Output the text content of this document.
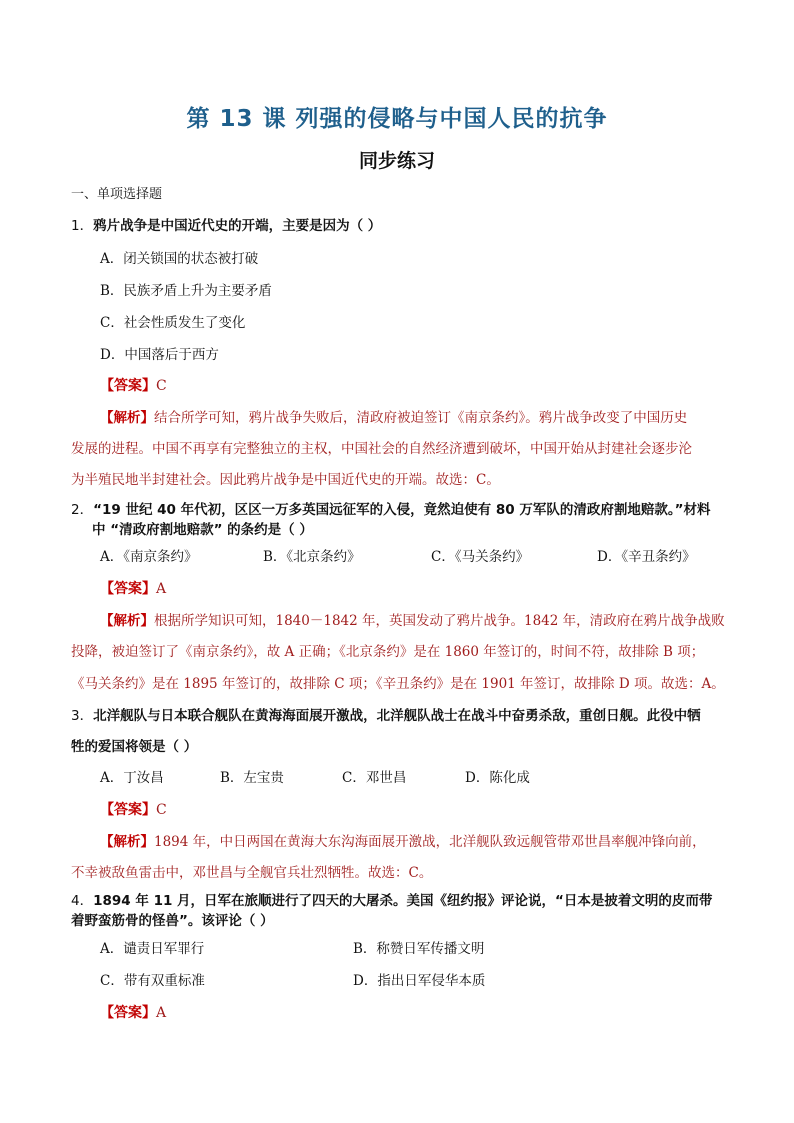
第 13 课 列强的侵略与中国人民的抗争
同步练习
一、单项选择题
1．鸦片战争是中国近代史的开端，主要是因为（ ）
A．闭关锁国的状态被打破
B．民族矛盾上升为主要矛盾
C．社会性质发生了变化
D．中国落后于西方
【答案】C
【解析】结合所学可知，鸦片战争失败后，清政府被迫签订《南京条约》。鸦片战争改变了中国历史
发展的进程。中国不再享有完整独立的主权，中国社会的自然经济遭到破坏，中国开始从封建社会逐步沦
为半殖民地半封建社会。因此鸦片战争是中国近代史的开端。故选：C。
2．“19 世纪 40 年代初，区区一万多英国远征军的入侵，竟然迫使有 80 万军队的清政府割地赔款。”材料
中 “清政府割地赔款” 的条约是（ ）
A．《南京条约》	B．《北京条约》	C．《马关条约》	D．《辛丑条约》
【答案】A
【解析】根据所学知识可知，1840－1842 年，英国发动了鸦片战争。1842 年，清政府在鸦片战争战败
投降，被迫签订了《南京条约》，故 A 正确；《北京条约》是在 1860 年签订的，时间不符，故排除 B 项；
《马关条约》是在 1895 年签订的，故排除 C 项；《辛丑条约》是在 1901 年签订，故排除 D 项。故选：A。
3．北洋舰队与日本联合舰队在黄海海面展开激战，北洋舰队战士在战斗中奋勇杀敌，重创日舰。此役中牺
牲的爱国将领是（ ）
A．丁汝昌	B．左宝贵	C．邓世昌	D．陈化成
【答案】C
【解析】1894 年，中日两国在黄海大东沟海面展开激战，北洋舰队致远舰管带邓世昌率舰冲锋向前，
不幸被敌鱼雷击中，邓世昌与全舰官兵壮烈牺牲。故选：C。
4．1894 年 11 月，日军在旅顺进行了四天的大屠杀。美国《纽约报》评论说，“日本是披着文明的皮而带
着野蛮筋骨的怪兽”。该评论（ ）
A．谴责日军罪行	B．称赞日军传播文明
C．带有双重标准	D．指出日军侵华本质
【答案】A
